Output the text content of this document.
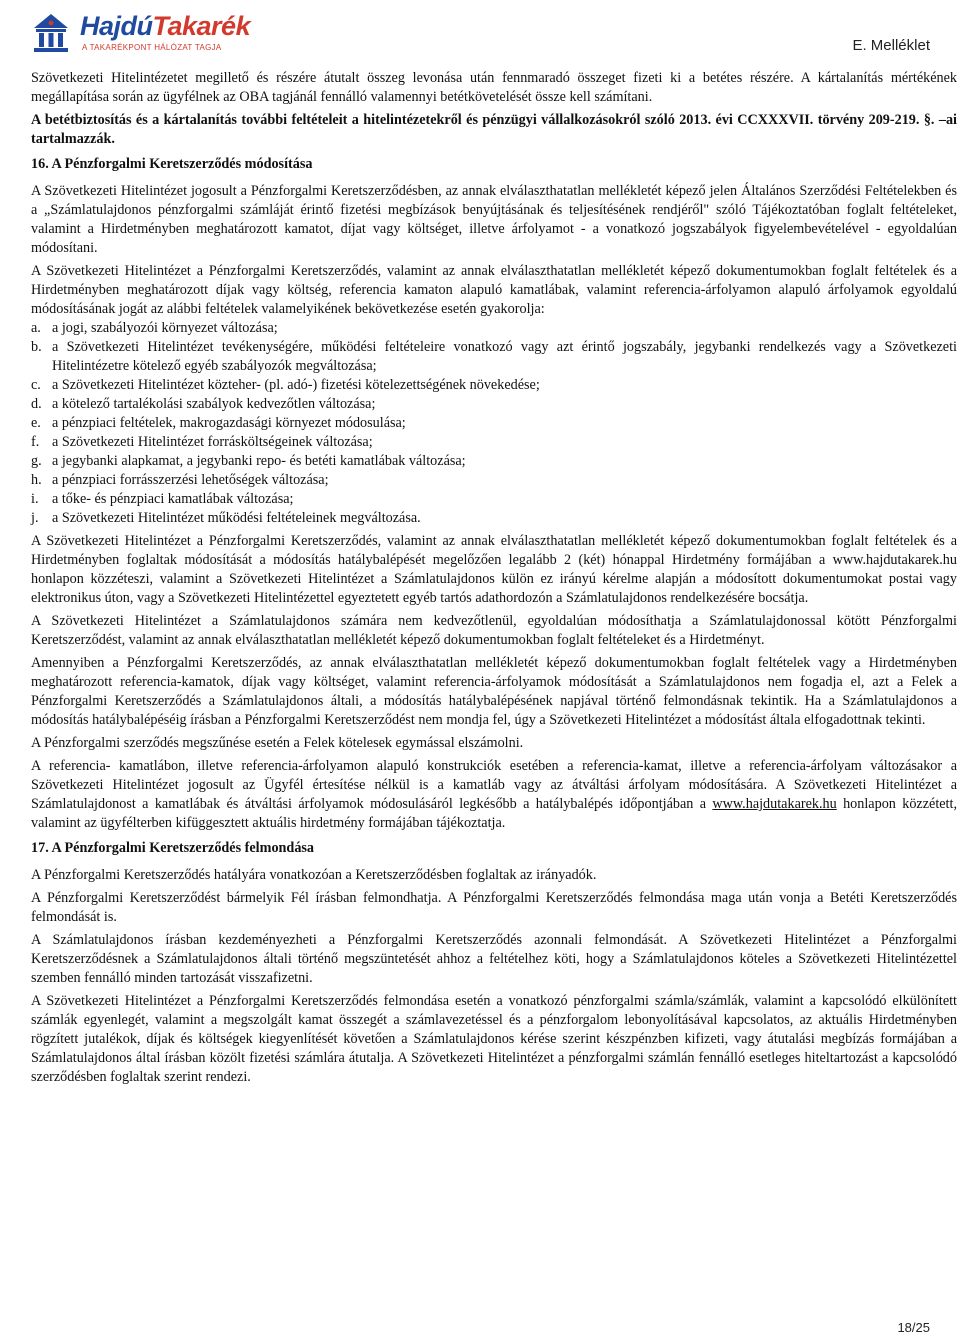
HajdúTakarék
A TAKARÉKPONT HÁLÓZAT TAGJA	E. Melléklet

Szövetkezeti Hitelintézetet megillető és részére átutalt összeg levonása után fennmaradó összeget fizeti ki a betétes részére. A kártalanítás mértékének megállapítása során az ügyfélnek az OBA tagjánál fennálló valamennyi betétkövetelését össze kell számítani.

A betétbiztosítás és a kártalanítás további feltételeit a hitelintézetekről és pénzügyi vállalkozásokról szóló 2013. évi CCXXXVII. törvény 209-219. §. –ai tartalmazzák.

16. A Pénzforgalmi Keretszerződés módosítása

A Szövetkezeti Hitelintézet jogosult a Pénzforgalmi Keretszerződésben, az annak elválaszthatatlan mellékletét képező jelen Általános Szerződési Feltételekben és a „Számlatulajdonos pénzforgalmi számláját érintő fizetési megbízások benyújtásának és teljesítésének rendjéről" szóló Tájékoztatóban foglalt feltételeket, valamint a Hirdetményben meghatározott kamatot, díjat vagy költséget, illetve árfolyamot - a vonatkozó jogszabályok figyelembevételével - egyoldalúan módosítani.

A Szövetkezeti Hitelintézet a Pénzforgalmi Keretszerződés, valamint az annak elválaszthatatlan mellékletét képező dokumentumokban foglalt feltételek és a Hirdetményben meghatározott díjak vagy költség, referencia kamaton alapuló kamatlábak, valamint referencia-árfolyamon alapuló árfolyamok egyoldalú módosításának jogát az alábbi feltételek valamelyikének bekövetkezése esetén gyakorolja:

a. a jogi, szabályozói környezet változása;
b. a Szövetkezeti Hitelintézet tevékenységére, működési feltételeire vonatkozó vagy azt érintő jogszabály, jegybanki rendelkezés vagy a Szövetkezeti Hitelintézetre kötelező egyéb szabályozók megváltozása;
c. a Szövetkezeti Hitelintézet közteher- (pl. adó-) fizetési kötelezettségének növekedése;
d. a kötelező tartalékolási szabályok kedvezőtlen változása;
e. a pénzpiaci feltételek, makrogazdasági környezet módosulása;
f. a Szövetkezeti Hitelintézet forrásköltségeinek változása;
g. a jegybanki alapkamat, a jegybanki repo- és betéti kamatlábak változása;
h. a pénzpiaci forrásszerzési lehetőségek változása;
i. a tőke- és pénzpiaci kamatlábak változása;
j. a Szövetkezeti Hitelintézet működési feltételeinek megváltozása.

A Szövetkezeti Hitelintézet a Pénzforgalmi Keretszerződés, valamint az annak elválaszthatatlan mellékletét képező dokumentumokban foglalt feltételek és a Hirdetményben foglaltak módosítását a módosítás hatálybalépését megelőzően legalább 2 (két) hónappal Hirdetmény formájában a www.hajdutakarek.hu honlapon közzéteszi, valamint a Szövetkezeti Hitelintézet a Számlatulajdonos külön ez irányú kérelme alapján a módosított dokumentumokat postai vagy elektronikus úton, vagy a Szövetkezeti Hitelintézettel egyeztetett egyéb tartós adathordozón a Számlatulajdonos rendelkezésére bocsátja.

A Szövetkezeti Hitelintézet a Számlatulajdonos számára nem kedvezőtlenül, egyoldalúan módosíthatja a Számlatulajdonossal kötött Pénzforgalmi Keretszerződést, valamint az annak elválaszthatatlan mellékletét képező dokumentumokban foglalt feltételeket és a Hirdetményt.

Amennyiben a Pénzforgalmi Keretszerződés, az annak elválaszthatatlan mellékletét képező dokumentumokban foglalt feltételek vagy a Hirdetményben meghatározott referencia-kamatok, díjak vagy költséget, valamint referencia-árfolyamok módosítását a Számlatulajdonos nem fogadja el, azt a Felek a Pénzforgalmi Keretszerződés a Számlatulajdonos általi, a módosítás hatálybalépésének napjával történő felmondásnak tekintik. Ha a Számlatulajdonos a módosítás hatálybalépéséig írásban a Pénzforgalmi Keretszerződést nem mondja fel, úgy a Szövetkezeti Hitelintézet a módosítást általa elfogadottnak tekinti.

A Pénzforgalmi szerződés megszűnése esetén a Felek kötelesek egymással elszámolni.

A referencia- kamatlábon, illetve referencia-árfolyamon alapuló konstrukciók esetében a referencia-kamat, illetve a referencia-árfolyam változásakor a Szövetkezeti Hitelintézet jogosult az Ügyfél értesítése nélkül is a kamatláb vagy az átváltási árfolyam módosítására. A Szövetkezeti Hitelintézet a Számlatulajdonost a kamatlábak és átváltási árfolyamok módosulásáról legkésőbb a hatálybalépés időpontjában a www.hajdutakarek.hu honlapon közzétett, valamint az ügyfélterben kifüggesztett aktuális hirdetmény formájában tájékoztatja.

17. A Pénzforgalmi Keretszerződés felmondása

A Pénzforgalmi Keretszerződés hatályára vonatkozóan a Keretszerződésben foglaltak az irányadók.

A Pénzforgalmi Keretszerződést bármelyik Fél írásban felmondhatja. A Pénzforgalmi Keretszerződés felmondása maga után vonja a Betéti Keretszerződés felmondását is.

A Számlatulajdonos írásban kezdeményezheti a Pénzforgalmi Keretszerződés azonnali felmondását. A Szövetkezeti Hitelintézet a Pénzforgalmi Keretszerződésnek a Számlatulajdonos általi történő megszüntetését ahhoz a feltételhez köti, hogy a Számlatulajdonos köteles a Szövetkezeti Hitelintézettel szemben fennálló minden tartozását visszafizetni.

A Szövetkezeti Hitelintézet a Pénzforgalmi Keretszerződés felmondása esetén a vonatkozó pénzforgalmi számla/számlák, valamint a kapcsolódó elkülönített számlák egyenlegét, valamint a megszolgált kamat összegét a számlavezetéssel és a pénzforgalom lebonyolításával kapcsolatos, az aktuális Hirdetményben rögzített jutalékok, díjak és költségek kiegyenlítését követően a Számlatulajdonos kérése szerint készpénzben kifizeti, vagy átutalási megbízás formájában a Számlatulajdonos által írásban közölt fizetési számlára átutalja. A Szövetkezeti Hitelintézet a pénzforgalmi számlán fennálló esetleges hiteltartozást a kapcsolódó szerződésben foglaltak szerint rendezi.

18/25
